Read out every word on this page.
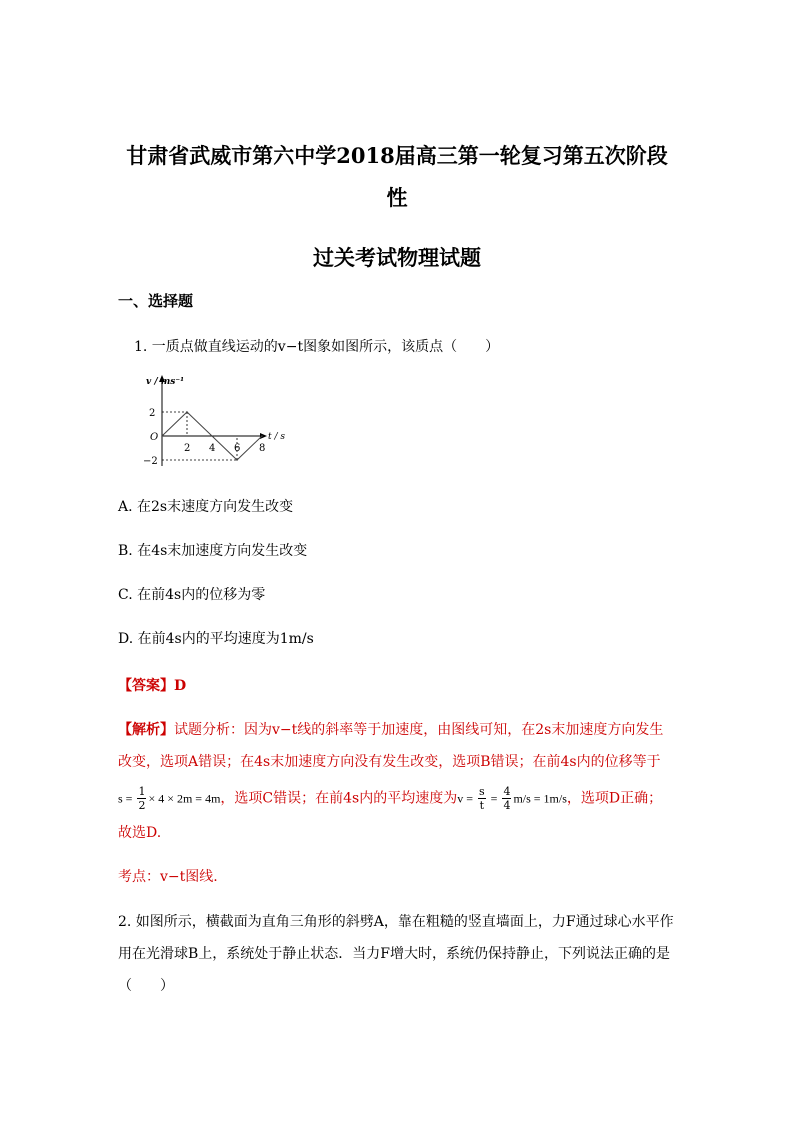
甘肃省武威市第六中学2018届高三第一轮复习第五次阶段
性
过关考试物理试题
一、选择题
1. 一质点做直线运动的v−t图象如图所示，该质点（　　）
v / ms⁻¹
t / s
O
2
−2
2 4 6 8
A. 在2s末速度方向发生改变
B. 在4s末加速度方向发生改变
C. 在前4s内的位移为零
D. 在前4s内的平均速度为1m/s
【答案】D
【解析】试题分析：因为v−t线的斜率等于加速度，由图线可知，在2s末加速度方向发生
改变，选项A错误；在4s末加速度方向没有发生改变，选项B错误；在前4s内的位移等于
$s = \frac{1}{2} \times 4 \times 2m = 4m$，选项C错误；在前4s内的平均速度为$v = \frac{s}{t} = \frac{4}{4} m/s = 1m/s$，选项D正确；
故选D.
考点：v−t图线.
2. 如图所示，横截面为直角三角形的斜劈A，靠在粗糙的竖直墙面上，力F通过球心水平作
用在光滑球B上，系统处于静止状态．当力F增大时，系统仍保持静止，下列说法正确的是
（　　）
